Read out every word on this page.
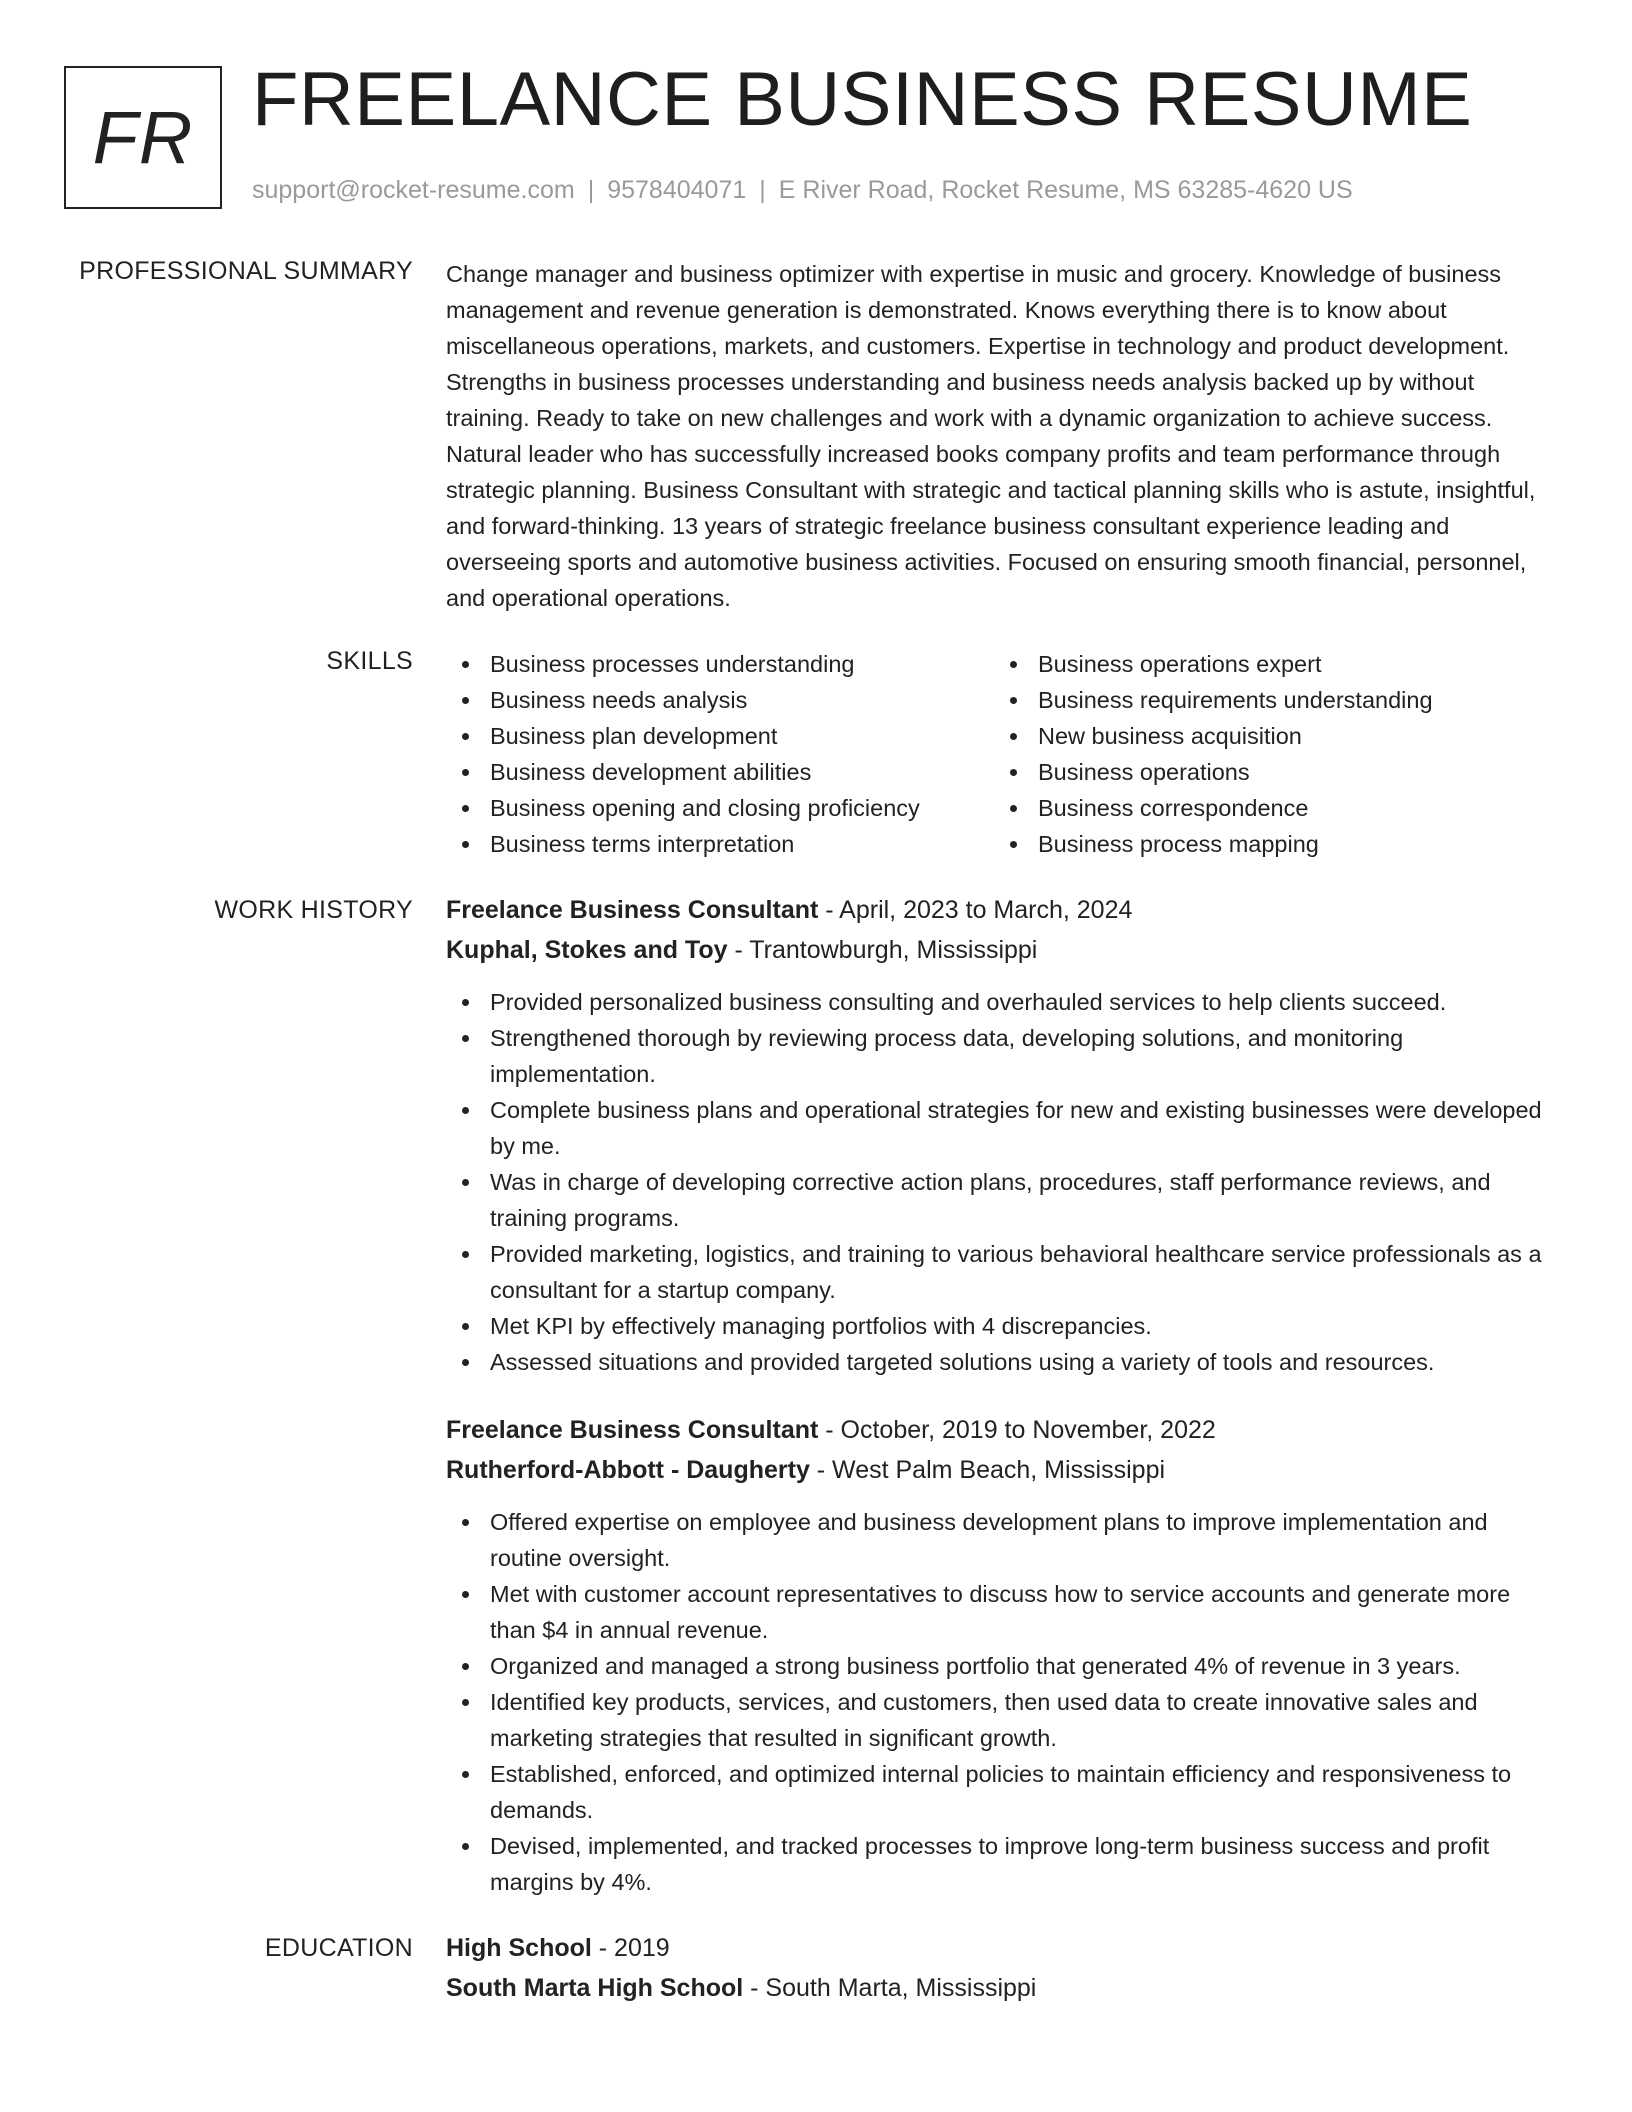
FR FREELANCE BUSINESS RESUME
support@rocket-resume.com | 9578404071 | E River Road, Rocket Resume, MS 63285-4620 US
PROFESSIONAL SUMMARY Change manager and business optimizer with expertise in music and grocery. Knowledge of business management and revenue generation is demonstrated. Knows everything there is to know about miscellaneous operations, markets, and customers. Expertise in technology and product development. Strengths in business processes understanding and business needs analysis backed up by without training. Ready to take on new challenges and work with a dynamic organization to achieve success. Natural leader who has successfully increased books company profits and team performance through strategic planning. Business Consultant with strategic and tactical planning skills who is astute, insightful, and forward-thinking. 13 years of strategic freelance business consultant experience leading and overseeing sports and automotive business activities. Focused on ensuring smooth financial, personnel, and operational operations.
SKILLS	Business processes understanding
Business needs analysis
Business plan development
Business development abilities
Business opening and closing proficiency
Business terms interpretation
Business operations expert
Business requirements understanding
New business acquisition
Business operations
Business correspondence
Business process mapping
WORK HISTORY Freelance Business Consultant - April, 2023 to March, 2024
Kuphal, Stokes and Toy - Trantowburgh, Mississippi
Provided personalized business consulting and overhauled services to help clients succeed.
Strengthened thorough by reviewing process data, developing solutions, and monitoring implementation.
Complete business plans and operational strategies for new and existing businesses were developed by me.
Was in charge of developing corrective action plans, procedures, staff performance reviews, and training programs.
Provided marketing, logistics, and training to various behavioral healthcare service professionals as a consultant for a startup company.
Met KPI by effectively managing portfolios with 4 discrepancies.
Assessed situations and provided targeted solutions using a variety of tools and resources.
Freelance Business Consultant - October, 2019 to November, 2022
Rutherford-Abbott - Daugherty - West Palm Beach, Mississippi
Offered expertise on employee and business development plans to improve implementation and routine oversight.
Met with customer account representatives to discuss how to service accounts and generate more than $4 in annual revenue.
Organized and managed a strong business portfolio that generated 4% of revenue in 3 years.
Identified key products, services, and customers, then used data to create innovative sales and marketing strategies that resulted in significant growth.
Established, enforced, and optimized internal policies to maintain efficiency and responsiveness to demands.
Devised, implemented, and tracked processes to improve long-term business success and profit margins by 4%.
EDUCATION High School - 2019
South Marta High School - South Marta, Mississippi
